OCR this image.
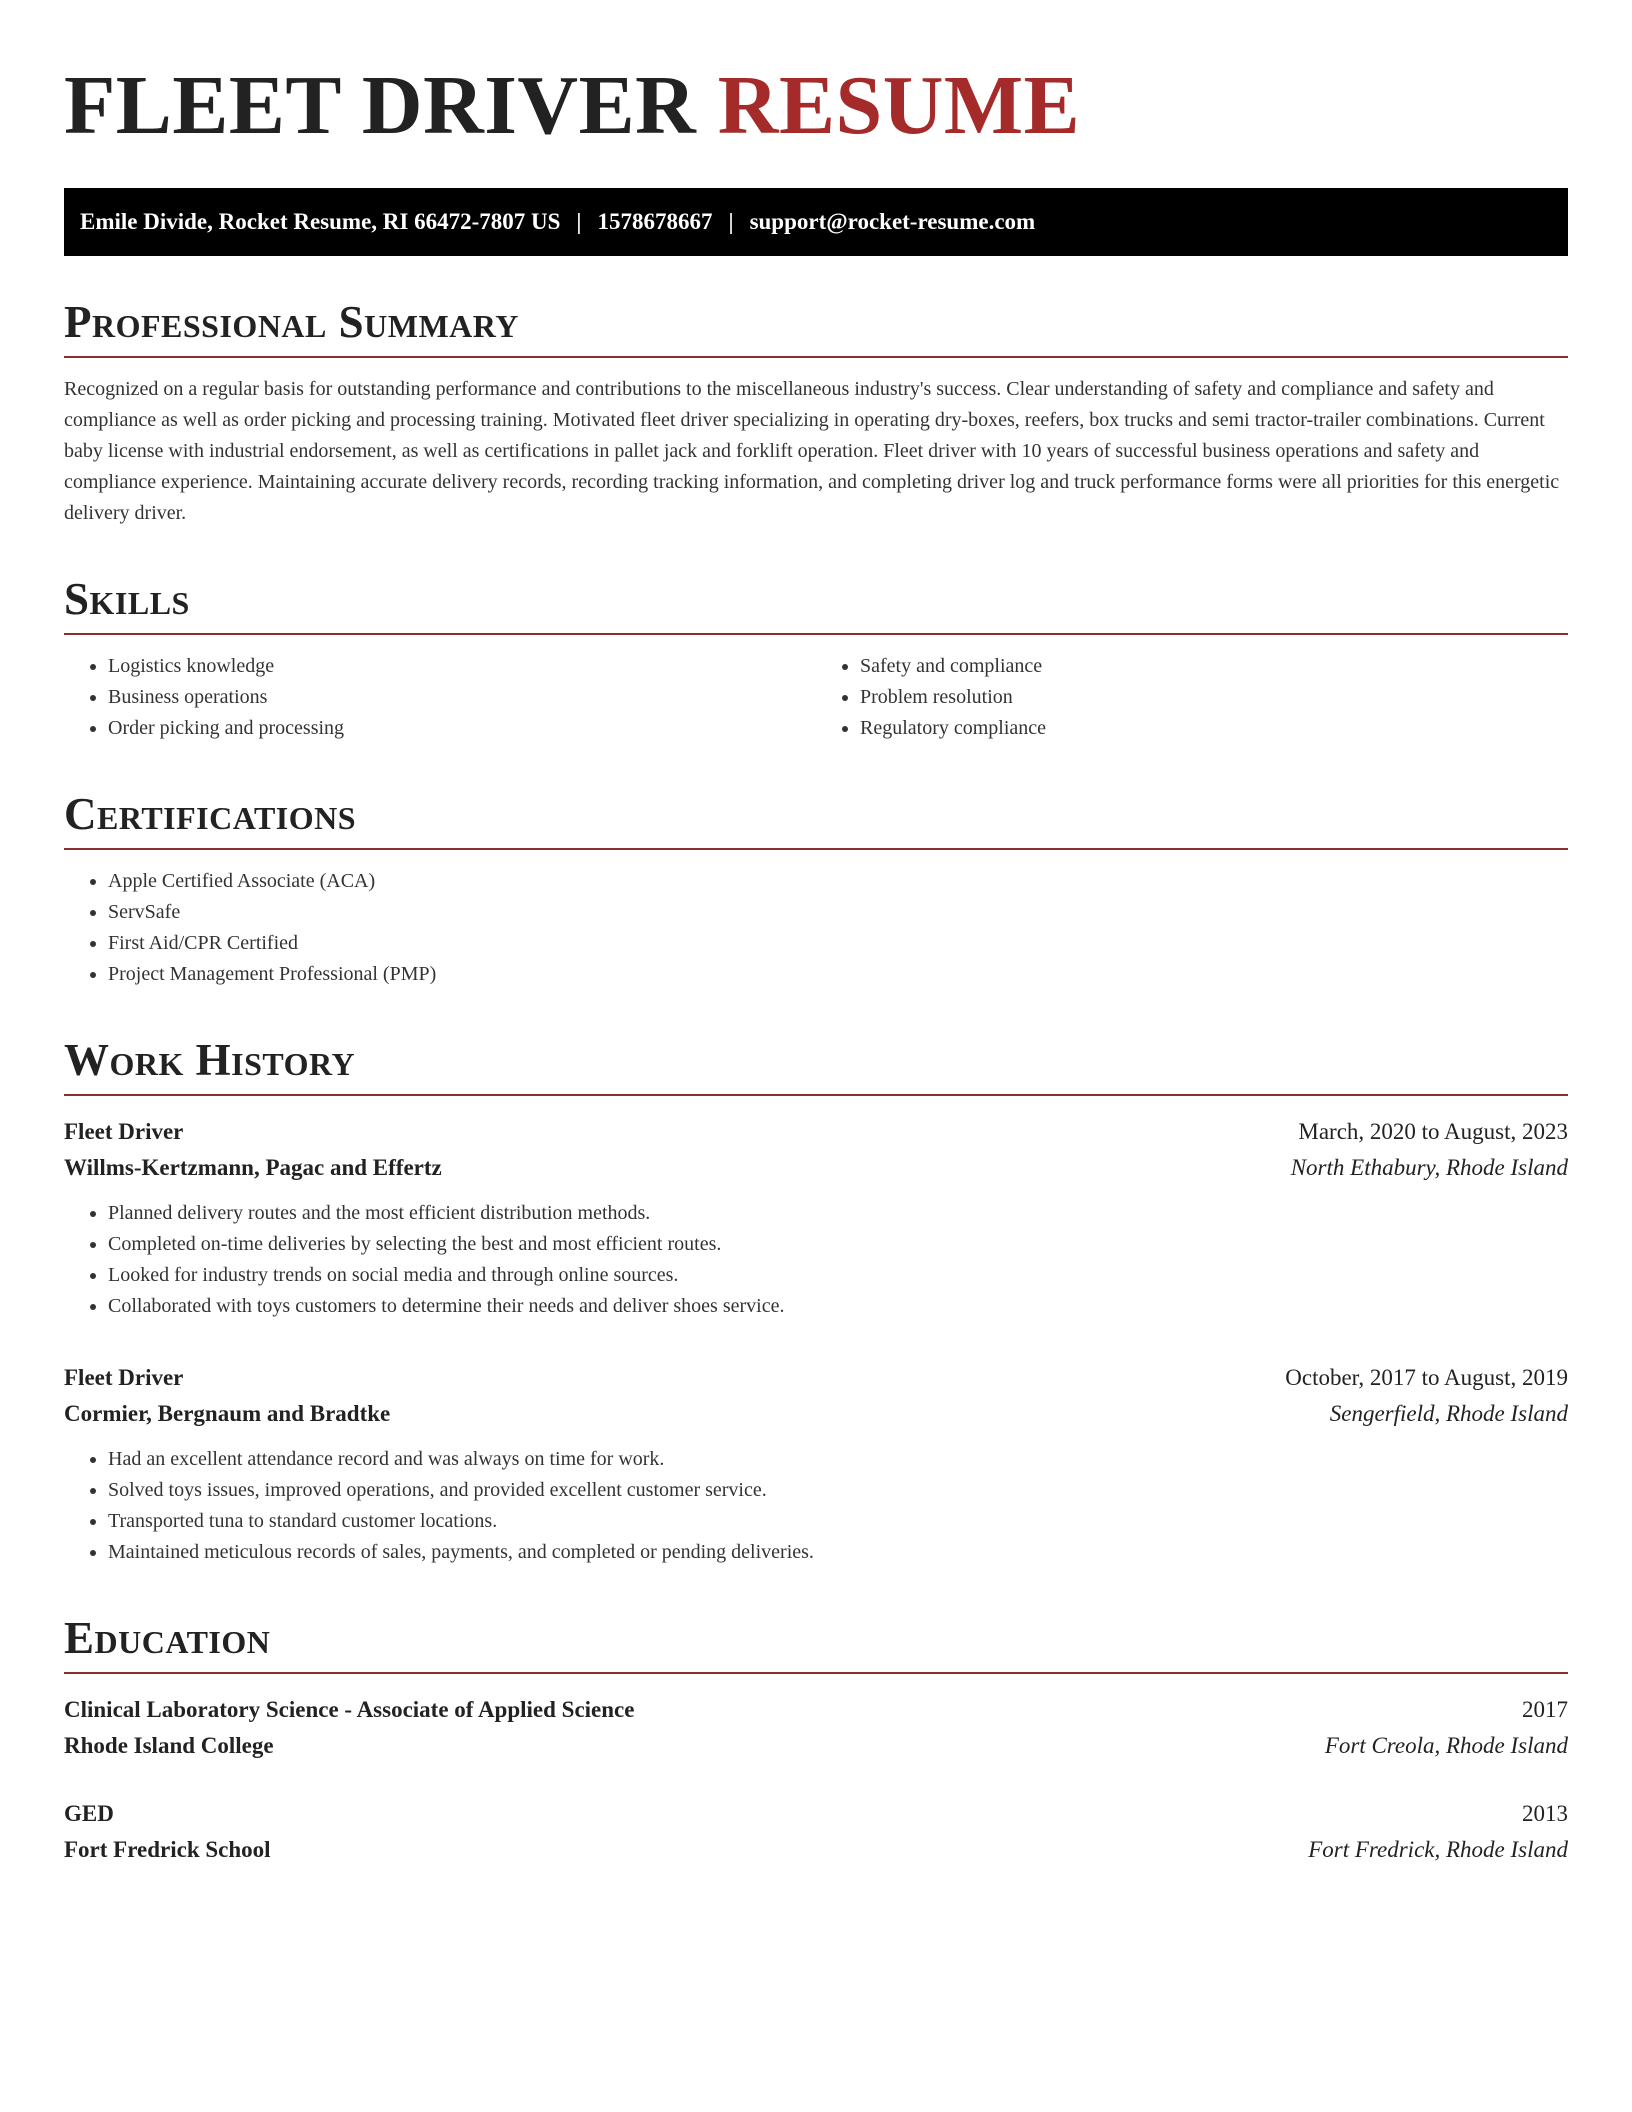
FLEET DRIVER RESUME
Emile Divide, Rocket Resume, RI 66472-7807 US | 1578678667 | support@rocket-resume.com
Professional Summary

Recognized on a regular basis for outstanding performance and contributions to the miscellaneous industry's success. Clear understanding of safety and compliance and safety and compliance as well as order picking and processing training. Motivated fleet driver specializing in operating dry-boxes, reefers, box trucks and semi tractor-trailer combinations. Current baby license with industrial endorsement, as well as certifications in pallet jack and forklift operation. Fleet driver with 10 years of successful business operations and safety and compliance experience. Maintaining accurate delivery records, recording tracking information, and completing driver log and truck performance forms were all priorities for this energetic delivery driver.

Skills
• Logistics knowledge
• Business operations
• Order picking and processing
• Safety and compliance
• Problem resolution
• Regulatory compliance
Certifications
• Apple Certified Associate (ACA)
• ServSafe
• First Aid/CPR Certified
• Project Management Professional (PMP)
Work History
Fleet Driver	March, 2020 to August, 2023
Willms-Kertzmann, Pagac and Effertz	North Ethabury, Rhode Island
• Planned delivery routes and the most efficient distribution methods.
• Completed on-time deliveries by selecting the best and most efficient routes.
• Looked for industry trends on social media and through online sources.
• Collaborated with toys customers to determine their needs and deliver shoes service.
Fleet Driver	October, 2017 to August, 2019
Cormier, Bergnaum and Bradtke	Sengerfield, Rhode Island
• Had an excellent attendance record and was always on time for work.
• Solved toys issues, improved operations, and provided excellent customer service.
• Transported tuna to standard customer locations.
• Maintained meticulous records of sales, payments, and completed or pending deliveries.
Education
Clinical Laboratory Science - Associate of Applied Science	2017
Rhode Island College	Fort Creola, Rhode Island
GED	2013
Fort Fredrick School	Fort Fredrick, Rhode Island
